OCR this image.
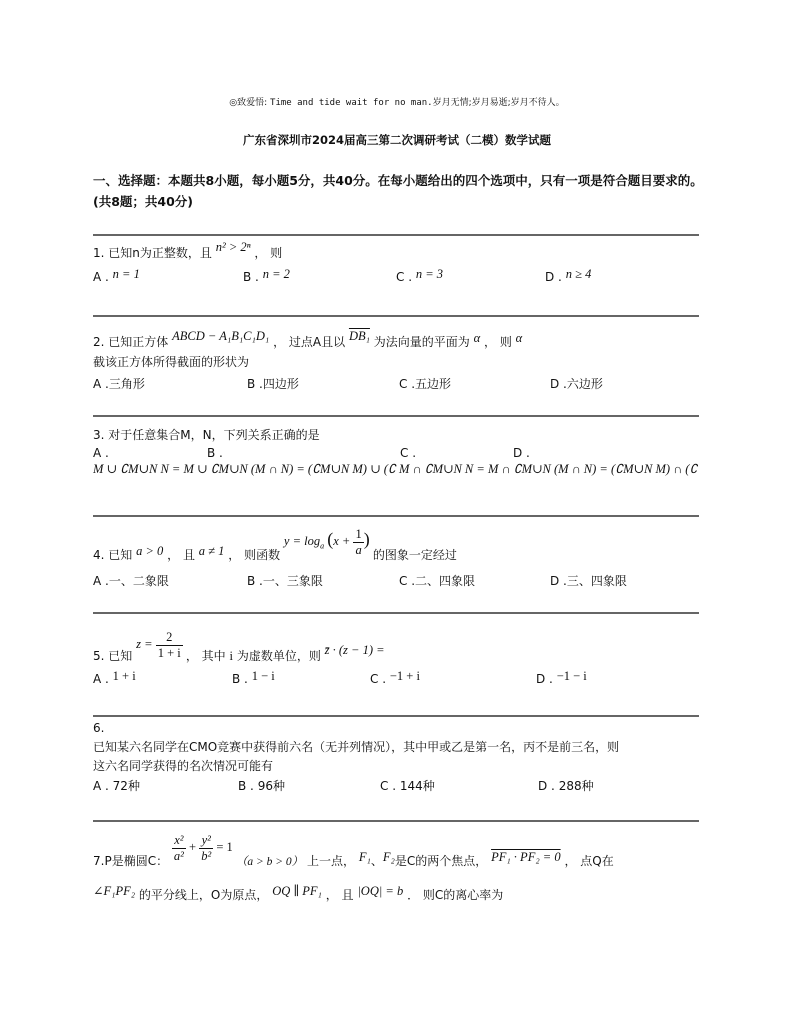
◎致爱悟: Time and tide wait for no man.岁月无情;岁月易逝;岁月不待人。
广东省深圳市2024届高三第二次调研考试（二模）数学试题
一、选择题：本题共8小题，每小题5分，共40分。在每小题给出的四个选项中，只有一项是符合题目要求的。(共8题；共40分)
1. 已知n为正整数，且 n² > 2ⁿ ， 则
A . n = 1	B . n = 2	C . n = 3	D . n ≥ 4
2. 已知正方体 ABCD − A₁B₁C₁D₁ ， 过点A且以 DB₁ 为法向量的平面为 α ， 则 α
截该正方体所得截面的形状为
A .三角形	B .四边形	C .五边形	D .六边形
3. 对于任意集合M，N，下列关系正确的是
A .	B .	C .	D .
M ∪ ∁M∪N N = M ∪ ∁M∪N (M ∩ N) = (∁M∪N M) ∪ (∁ M ∩ ∁M∪N N = M ∩ ∁M∪N (M ∩ N) = (∁M∪N M) ∩ (∁
4. 已知 a > 0 ， 且 a ≠ 1 ， 则函数 $y = \log_a (x + \frac{1}{a}$ ) 的图象一定经过
A .一、二象限	B .一、三象限	C .二、四象限	D .三、四象限
5. 已知 $z = \frac{2}{1 + i}$ ， 其中 i 为虚数单位，则 z̄ · (z − 1) =
A . 1 + i	B . 1 − i	C . −1 + i	D . −1 − i
6.
已知某六名同学在CMO竞赛中获得前六名（无并列情况），其中甲或乙是第一名，丙不是前三名，则
这六名同学获得的名次情况可能有
A . 72种	B . 96种	C . 144种	D . 288种
7.P是椭圆C： $\frac{\text{x²}}{\text{a²}} + \frac{\text{y²}}{\text{b²}} = 1$ （a > b > 0） 上一点， F₁、F₂是C的两个焦点， PF₁ · PF₂ = 0 ， 点Q在
∠F₁PF₂ 的平分线上，O为原点， OQ ∥ PF₁ ， 且 |OQ| = b ． 则C的离心率为
